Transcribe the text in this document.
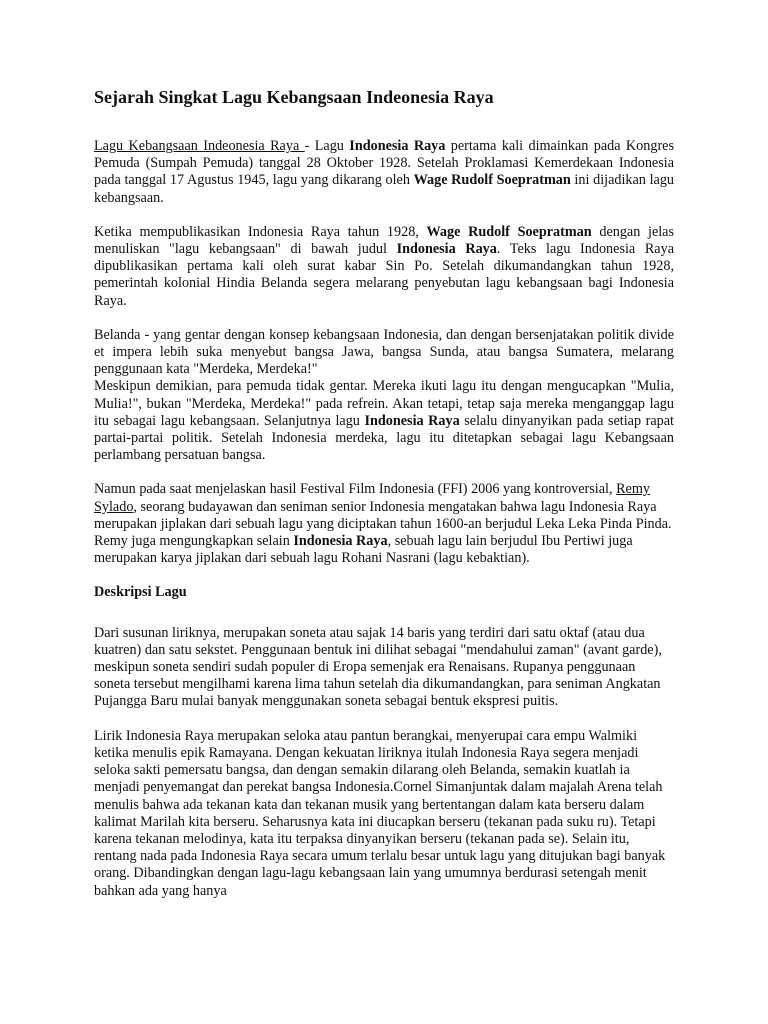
Sejarah Singkat Lagu Kebangsaan Indeonesia Raya

Lagu Kebangsaan Indeonesia Raya - Lagu Indonesia Raya pertama kali dimainkan pada Kongres Pemuda (Sumpah Pemuda) tanggal 28 Oktober 1928. Setelah Proklamasi Kemerdekaan Indonesia pada tanggal 17 Agustus 1945, lagu yang dikarang oleh Wage Rudolf Soepratman ini dijadikan lagu kebangsaan.

Ketika mempublikasikan Indonesia Raya tahun 1928, Wage Rudolf Soepratman dengan jelas menuliskan "lagu kebangsaan" di bawah judul Indonesia Raya. Teks lagu Indonesia Raya dipublikasikan pertama kali oleh surat kabar Sin Po. Setelah dikumandangkan tahun 1928, pemerintah kolonial Hindia Belanda segera melarang penyebutan lagu kebangsaan bagi Indonesia Raya.

Belanda - yang gentar dengan konsep kebangsaan Indonesia, dan dengan bersenjatakan politik divide et impera lebih suka menyebut bangsa Jawa, bangsa Sunda, atau bangsa Sumatera, melarang penggunaan kata "Merdeka, Merdeka!"
Meskipun demikian, para pemuda tidak gentar. Mereka ikuti lagu itu dengan mengucapkan "Mulia, Mulia!", bukan "Merdeka, Merdeka!" pada refrein. Akan tetapi, tetap saja mereka menganggap lagu itu sebagai lagu kebangsaan. Selanjutnya lagu Indonesia Raya selalu dinyanyikan pada setiap rapat partai-partai politik. Setelah Indonesia merdeka, lagu itu ditetapkan sebagai lagu Kebangsaan perlambang persatuan bangsa.

Namun pada saat menjelaskan hasil Festival Film Indonesia (FFI) 2006 yang kontroversial, Remy Sylado, seorang budayawan dan seniman senior Indonesia mengatakan bahwa lagu Indonesia Raya merupakan jiplakan dari sebuah lagu yang diciptakan tahun 1600-an berjudul Leka Leka Pinda Pinda. Remy juga mengungkapkan selain Indonesia Raya, sebuah lagu lain berjudul Ibu Pertiwi juga merupakan karya jiplakan dari sebuah lagu Rohani Nasrani (lagu kebaktian).

Deskripsi Lagu

Dari susunan liriknya, merupakan soneta atau sajak 14 baris yang terdiri dari satu oktaf (atau dua kuatren) dan satu sekstet. Penggunaan bentuk ini dilihat sebagai "mendahului zaman" (avant garde), meskipun soneta sendiri sudah populer di Eropa semenjak era Renaisans. Rupanya penggunaan soneta tersebut mengilhami karena lima tahun setelah dia dikumandangkan, para seniman Angkatan Pujangga Baru mulai banyak menggunakan soneta sebagai bentuk ekspresi puitis.

Lirik Indonesia Raya merupakan seloka atau pantun berangkai, menyerupai cara empu Walmiki ketika menulis epik Ramayana. Dengan kekuatan liriknya itulah Indonesia Raya segera menjadi seloka sakti pemersatu bangsa, dan dengan semakin dilarang oleh Belanda, semakin kuatlah ia menjadi penyemangat dan perekat bangsa Indonesia.Cornel Simanjuntak dalam majalah Arena telah menulis bahwa ada tekanan kata dan tekanan musik yang bertentangan dalam kata berseru dalam kalimat Marilah kita berseru. Seharusnya kata ini diucapkan berseru (tekanan pada suku ru). Tetapi karena tekanan melodinya, kata itu terpaksa dinyanyikan berseru (tekanan pada se). Selain itu, rentang nada pada Indonesia Raya secara umum terlalu besar untuk lagu yang ditujukan bagi banyak orang. Dibandingkan dengan lagu-lagu kebangsaan lain yang umumnya berdurasi setengah menit bahkan ada yang hanya
